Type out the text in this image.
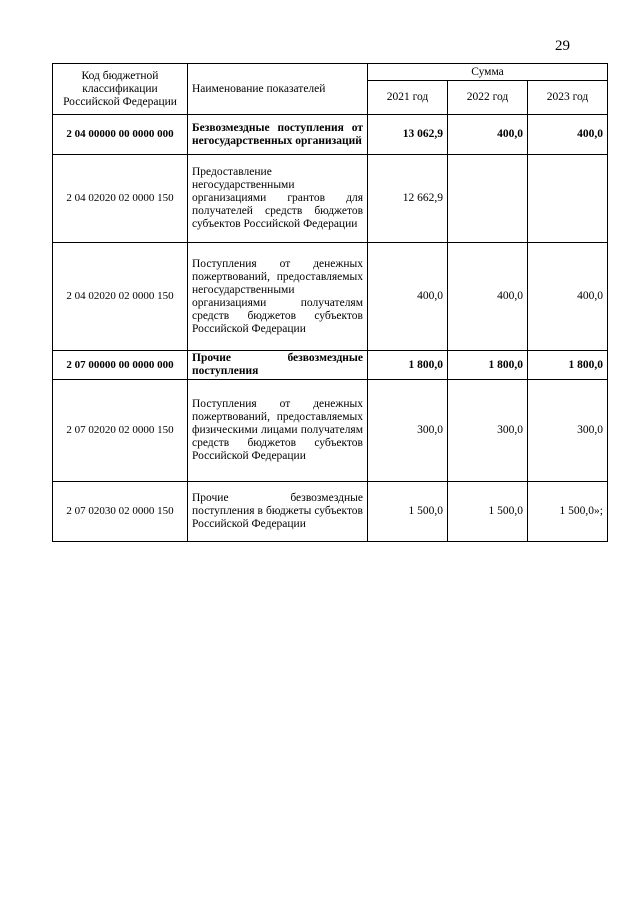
29
Код бюджетной классификации Российской Федерации	Наименование показателей	Сумма		
		2021 год	2022 год	2023 год
2 04 00000 00 0000 000	Безвозмездные поступления от негосударственных организаций	13 062,9	400,0	400,0
2 04 02020 02 0000 150	Предоставление негосударственными организациями грантов для получателей средств бюджетов субъектов Российской Федерации	12 662,9		
2 04 02020 02 0000 150	Поступления от денежных пожертвований, предоставляемых негосударственными организациями получателям средств бюджетов субъектов Российской Федерации	400,0	400,0	400,0
2 07 00000 00 0000 000	Прочие безвозмездные поступления	1 800,0	1 800,0	1 800,0
2 07 02020 02 0000 150	Поступления от денежных пожертвований, предоставляемых физическими лицами получателям средств бюджетов субъектов Российской Федерации	300,0	300,0	300,0
2 07 02030 02 0000 150	Прочие безвозмездные поступления в бюджеты субъектов Российской Федерации	1 500,0	1 500,0	1 500,0»;
